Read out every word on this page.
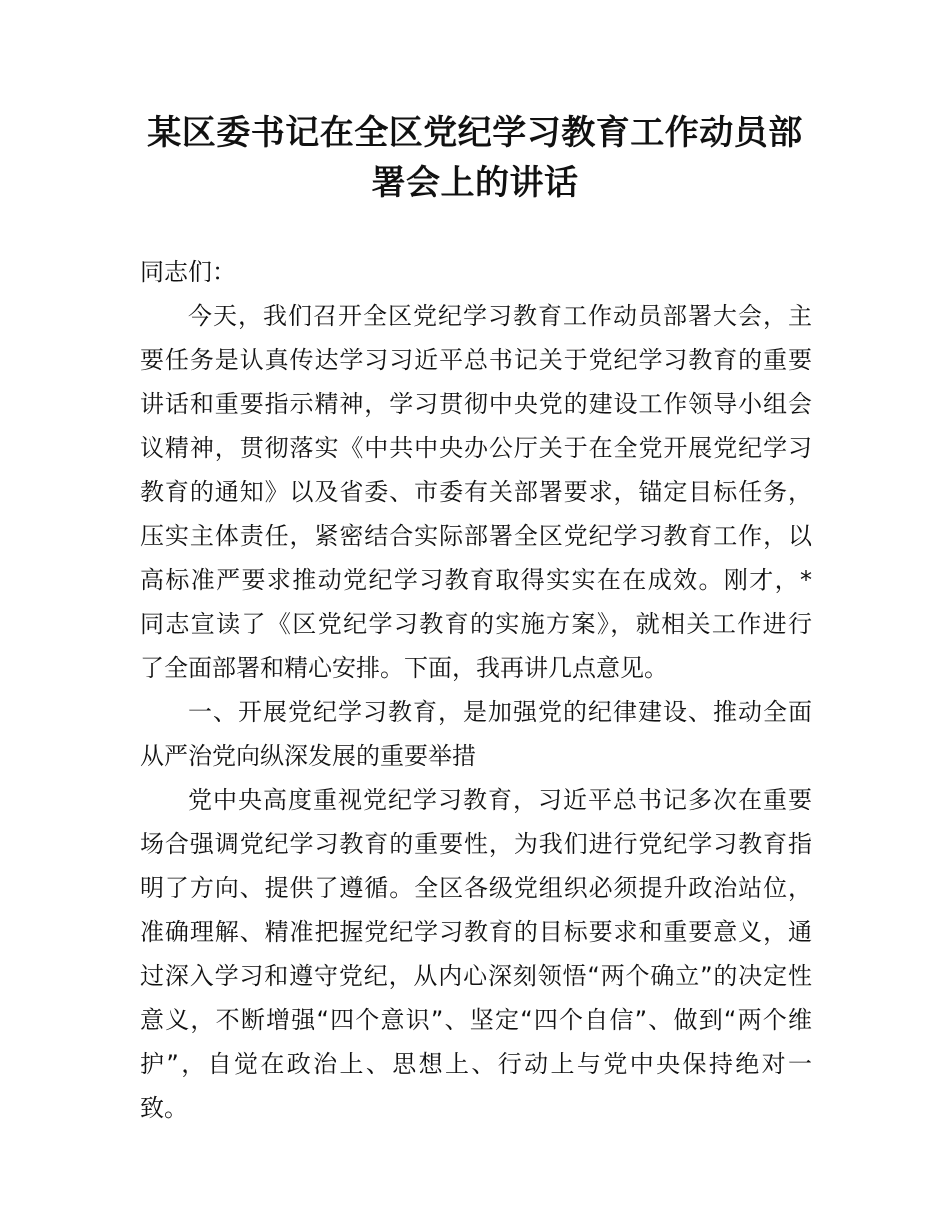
某区委书记在全区党纪学习教育工作动员部
署会上的讲话
同志们：
今天，我们召开全区党纪学习教育工作动员部署大会，主
要任务是认真传达学习习近平总书记关于党纪学习教育的重要
讲话和重要指示精神，学习贯彻中央党的建设工作领导小组会
议精神，贯彻落实《中共中央办公厅关于在全党开展党纪学习
教育的通知》以及省委、市委有关部署要求，锚定目标任务，
压实主体责任，紧密结合实际部署全区党纪学习教育工作，以
高标准严要求推动党纪学习教育取得实实在在成效。刚才，*
同志宣读了《区党纪学习教育的实施方案》，就相关工作进行
了全面部署和精心安排。下面，我再讲几点意见。
一、开展党纪学习教育，是加强党的纪律建设、推动全面
从严治党向纵深发展的重要举措
党中央高度重视党纪学习教育，习近平总书记多次在重要
场合强调党纪学习教育的重要性，为我们进行党纪学习教育指
明了方向、提供了遵循。全区各级党组织必须提升政治站位，
准确理解、精准把握党纪学习教育的目标要求和重要意义，通
过深入学习和遵守党纪，从内心深刻领悟“两个确立”的决定性
意义，不断增强“四个意识”、坚定“四个自信”、做到“两个维
护”，自觉在政治上、思想上、行动上与党中央保持绝对一
致。
